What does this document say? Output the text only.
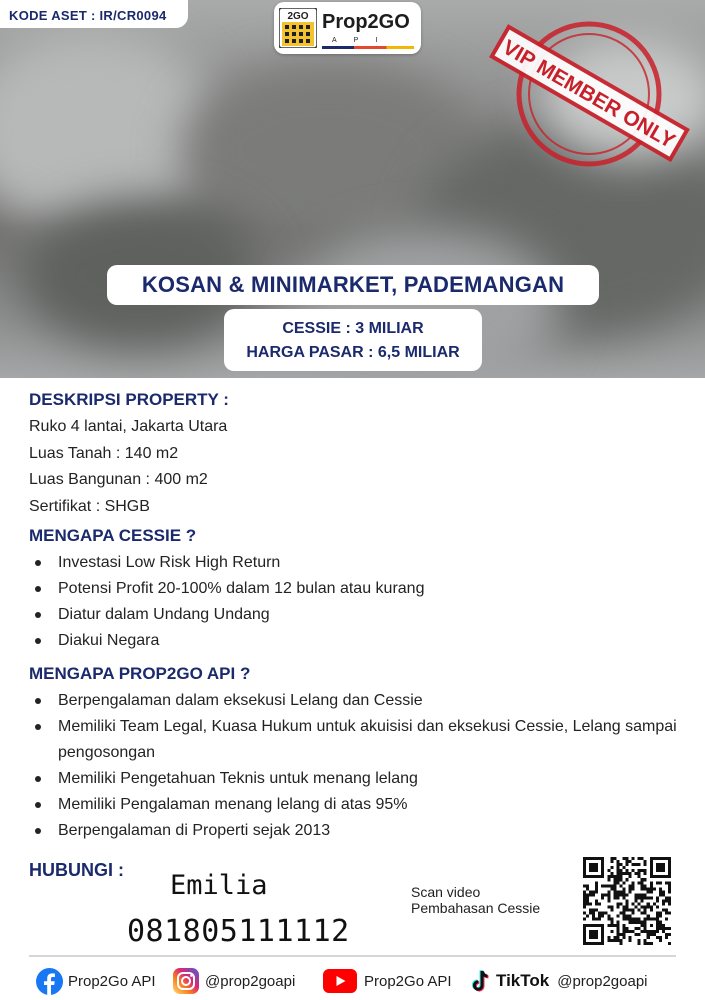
KODE ASET : IR/CR0094	2GO Prop2GO
API	VIP MEMBER ONLY
KOSAN & MINIMARKET, PADEMANGAN
CESSIE : 3 MILIAR
HARGA PASAR : 6,5 MILIAR
DESKRIPSI PROPERTY :
Ruko 4 lantai, Jakarta Utara
Luas Tanah : 140 m2
Luas Bangunan : 400 m2
Sertifikat : SHGB
MENGAPA CESSIE ?
Investasi Low Risk High Return
Potensi Profit 20-100% dalam 12 bulan atau kurang
Diatur dalam Undang Undang
Diakui Negara
MENGAPA PROP2GO API ?
Berpengalaman dalam eksekusi Lelang dan Cessie
Memiliki Team Legal, Kuasa Hukum untuk akuisisi dan eksekusi Cessie, Lelang sampai pengosongan
Memiliki Pengetahuan Teknis untuk menang lelang
Memiliki Pengalaman menang lelang di atas 95%
Berpengalaman di Properti sejak 2013
HUBUNGI : Emilia
081805111112
Scan video
Pembahasan Cessie
Prop2Go API	@prop2goapi	Prop2Go API	TikTok @prop2goapi
